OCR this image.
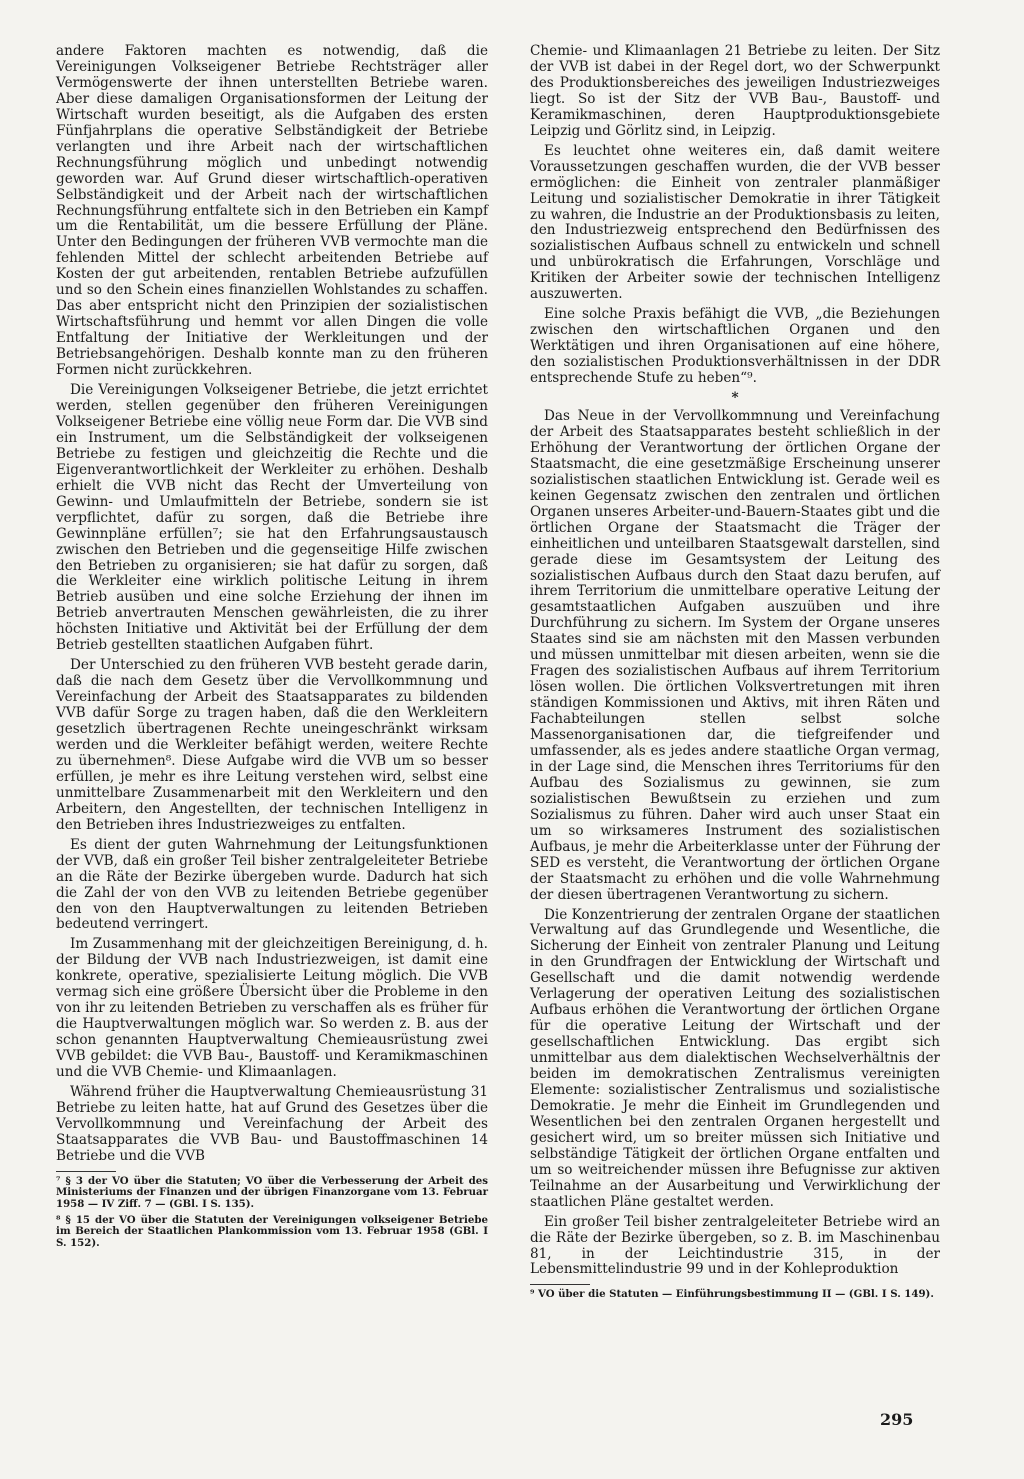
andere Faktoren machten es notwendig, daß die Vereinigungen Volkseigener Betriebe Rechtsträger aller Vermögenswerte der ihnen unterstellten Betriebe waren. Aber diese damaligen Organisationsformen der Leitung der Wirtschaft wurden beseitigt, als die Aufgaben des ersten Fünfjahrplans die operative Selbständigkeit der Betriebe verlangten und ihre Arbeit nach der wirtschaftlichen Rechnungsführung möglich und unbedingt notwendig geworden war. Auf Grund dieser wirtschaftlich-operativen Selbständigkeit und der Arbeit nach der wirtschaftlichen Rechnungsführung entfaltete sich in den Betrieben ein Kampf um die Rentabilität, um die bessere Erfüllung der Pläne. Unter den Bedingungen der früheren VVB vermochte man die fehlenden Mittel der schlecht arbeitenden Betriebe auf Kosten der gut arbeitenden, rentablen Betriebe aufzufüllen und so den Schein eines finanziellen Wohlstandes zu schaffen. Das aber entspricht nicht den Prinzipien der sozialistischen Wirtschaftsführung und hemmt vor allen Dingen die volle Entfaltung der Initiative der Werkleitungen und der Betriebsangehörigen. Deshalb konnte man zu den früheren Formen nicht zurückkehren.

Die Vereinigungen Volkseigener Betriebe, die jetzt errichtet werden, stellen gegenüber den früheren Vereinigungen Volkseigener Betriebe eine völlig neue Form dar. Die VVB sind ein Instrument, um die Selbständigkeit der volkseigenen Betriebe zu festigen und gleichzeitig die Rechte und die Eigenverantwortlichkeit der Werkleiter zu erhöhen. Deshalb erhielt die VVB nicht das Recht der Umverteilung von Gewinn- und Umlaufmitteln der Betriebe, sondern sie ist verpflichtet, dafür zu sorgen, daß die Betriebe ihre Gewinnpläne erfüllen⁷; sie hat den Erfahrungsaustausch zwischen den Betrieben und die gegenseitige Hilfe zwischen den Betrieben zu organisieren; sie hat dafür zu sorgen, daß die Werkleiter eine wirklich politische Leitung in ihrem Betrieb ausüben und eine solche Erziehung der ihnen im Betrieb anvertrauten Menschen gewährleisten, die zu ihrer höchsten Initiative und Aktivität bei der Erfüllung der dem Betrieb gestellten staatlichen Aufgaben führt.

Der Unterschied zu den früheren VVB besteht gerade darin, daß die nach dem Gesetz über die Vervollkommnung und Vereinfachung der Arbeit des Staatsapparates zu bildenden VVB dafür Sorge zu tragen haben, daß die den Werkleitern gesetzlich übertragenen Rechte uneingeschränkt wirksam werden und die Werkleiter befähigt werden, weitere Rechte zu übernehmen⁸. Diese Aufgabe wird die VVB um so besser erfüllen, je mehr es ihre Leitung verstehen wird, selbst eine unmittelbare Zusammenarbeit mit den Werkleitern und den Arbeitern, den Angestellten, der technischen Intelligenz in den Betrieben ihres Industriezweiges zu entfalten.

Es dient der guten Wahrnehmung der Leitungsfunktionen der VVB, daß ein großer Teil bisher zentralgeleiteter Betriebe an die Räte der Bezirke übergeben wurde. Dadurch hat sich die Zahl der von den VVB zu leitenden Betriebe gegenüber den von den Hauptverwaltungen zu leitenden Betrieben bedeutend verringert.

Im Zusammenhang mit der gleichzeitigen Bereinigung, d. h. der Bildung der VVB nach Industriezweigen, ist damit eine konkrete, operative, spezialisierte Leitung möglich. Die VVB vermag sich eine größere Übersicht über die Probleme in den von ihr zu leitenden Betrieben zu verschaffen als es früher für die Hauptverwaltungen möglich war. So werden z. B. aus der schon genannten Hauptverwaltung Chemieausrüstung zwei VVB gebildet: die VVB Bau-, Baustoff- und Keramikmaschinen und die VVB Chemie- und Klimaanlagen.

Während früher die Hauptverwaltung Chemieausrüstung 31 Betriebe zu leiten hatte, hat auf Grund des Gesetzes über die Vervollkommnung und Vereinfachung der Arbeit des Staatsapparates die VVB Bau- und Baustoffmaschinen 14 Betriebe und die VVB

⁷ § 3 der VO über die Statuten; VO über die Verbesserung der Arbeit des Ministeriums der Finanzen und der übrigen Finanzorgane vom 13. Februar 1958 — IV Ziff. 7 — (GBl. I S. 135).

⁸ § 15 der VO über die Statuten der Vereinigungen volkseigener Betriebe im Bereich der Staatlichen Plankommission vom 13. Februar 1958 (GBl. I S. 152).

Chemie- und Klimaanlagen 21 Betriebe zu leiten. Der Sitz der VVB ist dabei in der Regel dort, wo der Schwerpunkt des Produktionsbereiches des jeweiligen Industriezweiges liegt. So ist der Sitz der VVB Bau-, Baustoff- und Keramikmaschinen, deren Hauptproduktionsgebiete Leipzig und Görlitz sind, in Leipzig.

Es leuchtet ohne weiteres ein, daß damit weitere Voraussetzungen geschaffen wurden, die der VVB besser ermöglichen: die Einheit von zentraler planmäßiger Leitung und sozialistischer Demokratie in ihrer Tätigkeit zu wahren, die Industrie an der Produktionsbasis zu leiten, den Industriezweig entsprechend den Bedürfnissen des sozialistischen Aufbaus schnell zu entwickeln und schnell und unbürokratisch die Erfahrungen, Vorschläge und Kritiken der Arbeiter sowie der technischen Intelligenz auszuwerten.

Eine solche Praxis befähigt die VVB, „die Beziehungen zwischen den wirtschaftlichen Organen und den Werktätigen und ihren Organisationen auf eine höhere, den sozialistischen Produktionsverhältnissen in der DDR entsprechende Stufe zu heben“⁹.

*

Das Neue in der Vervollkommnung und Vereinfachung der Arbeit des Staatsapparates besteht schließlich in der Erhöhung der Verantwortung der örtlichen Organe der Staatsmacht, die eine gesetzmäßige Erscheinung unserer sozialistischen staatlichen Entwicklung ist. Gerade weil es keinen Gegensatz zwischen den zentralen und örtlichen Organen unseres Arbeiter-und-Bauern-Staates gibt und die örtlichen Organe der Staatsmacht die Träger der einheitlichen und unteilbaren Staatsgewalt darstellen, sind gerade diese im Gesamtsystem der Leitung des sozialistischen Aufbaus durch den Staat dazu berufen, auf ihrem Territorium die unmittelbare operative Leitung der gesamtstaatlichen Aufgaben auszuüben und ihre Durchführung zu sichern. Im System der Organe unseres Staates sind sie am nächsten mit den Massen verbunden und müssen unmittelbar mit diesen arbeiten, wenn sie die Fragen des sozialistischen Aufbaus auf ihrem Territorium lösen wollen. Die örtlichen Volksvertretungen mit ihren ständigen Kommissionen und Aktivs, mit ihren Räten und Fachabteilungen stellen selbst solche Massenorganisationen dar, die tiefgreifender und umfassender, als es jedes andere staatliche Organ vermag, in der Lage sind, die Menschen ihres Territoriums für den Aufbau des Sozialismus zu gewinnen, sie zum sozialistischen Bewußtsein zu erziehen und zum Sozialismus zu führen. Daher wird auch unser Staat ein um so wirksameres Instrument des sozialistischen Aufbaus, je mehr die Arbeiterklasse unter der Führung der SED es versteht, die Verantwortung der örtlichen Organe der Staatsmacht zu erhöhen und die volle Wahrnehmung der diesen übertragenen Verantwortung zu sichern.

Die Konzentrierung der zentralen Organe der staatlichen Verwaltung auf das Grundlegende und Wesentliche, die Sicherung der Einheit von zentraler Planung und Leitung in den Grundfragen der Entwicklung der Wirtschaft und Gesellschaft und die damit notwendig werdende Verlagerung der operativen Leitung des sozialistischen Aufbaus erhöhen die Verantwortung der örtlichen Organe für die operative Leitung der Wirtschaft und der gesellschaftlichen Entwicklung. Das ergibt sich unmittelbar aus dem dialektischen Wechselverhältnis der beiden im demokratischen Zentralismus vereinigten Elemente: sozialistischer Zentralismus und sozialistische Demokratie. Je mehr die Einheit im Grundlegenden und Wesentlichen bei den zentralen Organen hergestellt und gesichert wird, um so breiter müssen sich Initiative und selbständige Tätigkeit der örtlichen Organe entfalten und um so weitreichender müssen ihre Befugnisse zur aktiven Teilnahme an der Ausarbeitung und Verwirklichung der staatlichen Pläne gestaltet werden.

Ein großer Teil bisher zentralgeleiteter Betriebe wird an die Räte der Bezirke übergeben, so z. B. im Maschinenbau 81, in der Leichtindustrie 315, in der Lebensmittelindustrie 99 und in der Kohleproduktion

⁹ VO über die Statuten — Einführungsbestimmung II — (GBl. I S. 149).

295
